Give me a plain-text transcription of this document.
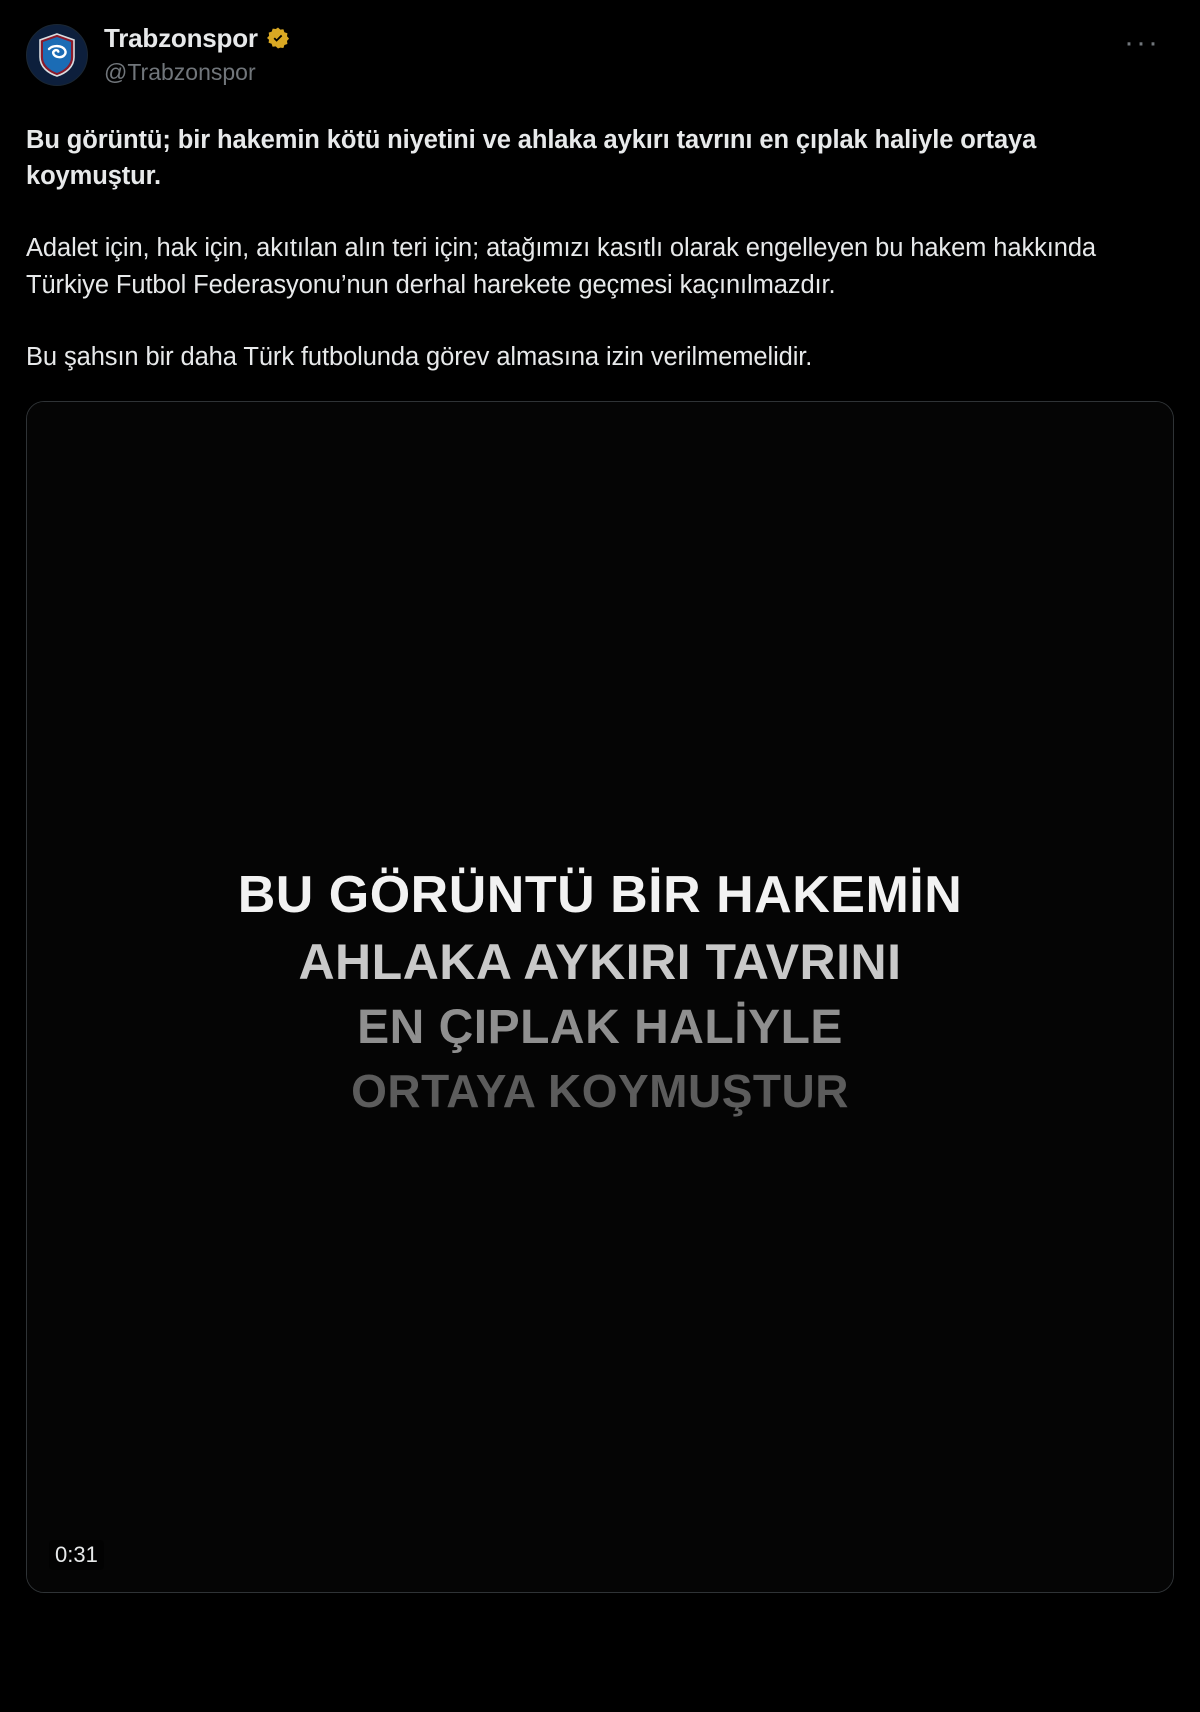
Trabzonspor
@Trabzonspor
···

Bu görüntü; bir hakemin kötü niyetini ve ahlaka aykırı tavrını en çıplak haliyle ortaya koymuştur.

Adalet için, hak için, akıtılan alın teri için; atağımızı kasıtlı olarak engelleyen bu hakem hakkında Türkiye Futbol Federasyonu’nun derhal harekete geçmesi kaçınılmazdır.

Bu şahsın bir daha Türk futbolunda görev almasına izin verilmemelidir.

BU GÖRÜNTÜ BİR HAKEMİN
AHLAKA AYKIRI TAVRINI
EN ÇIPLAK HALİYLE
ORTAYA KOYMUŞTUR
0:31
